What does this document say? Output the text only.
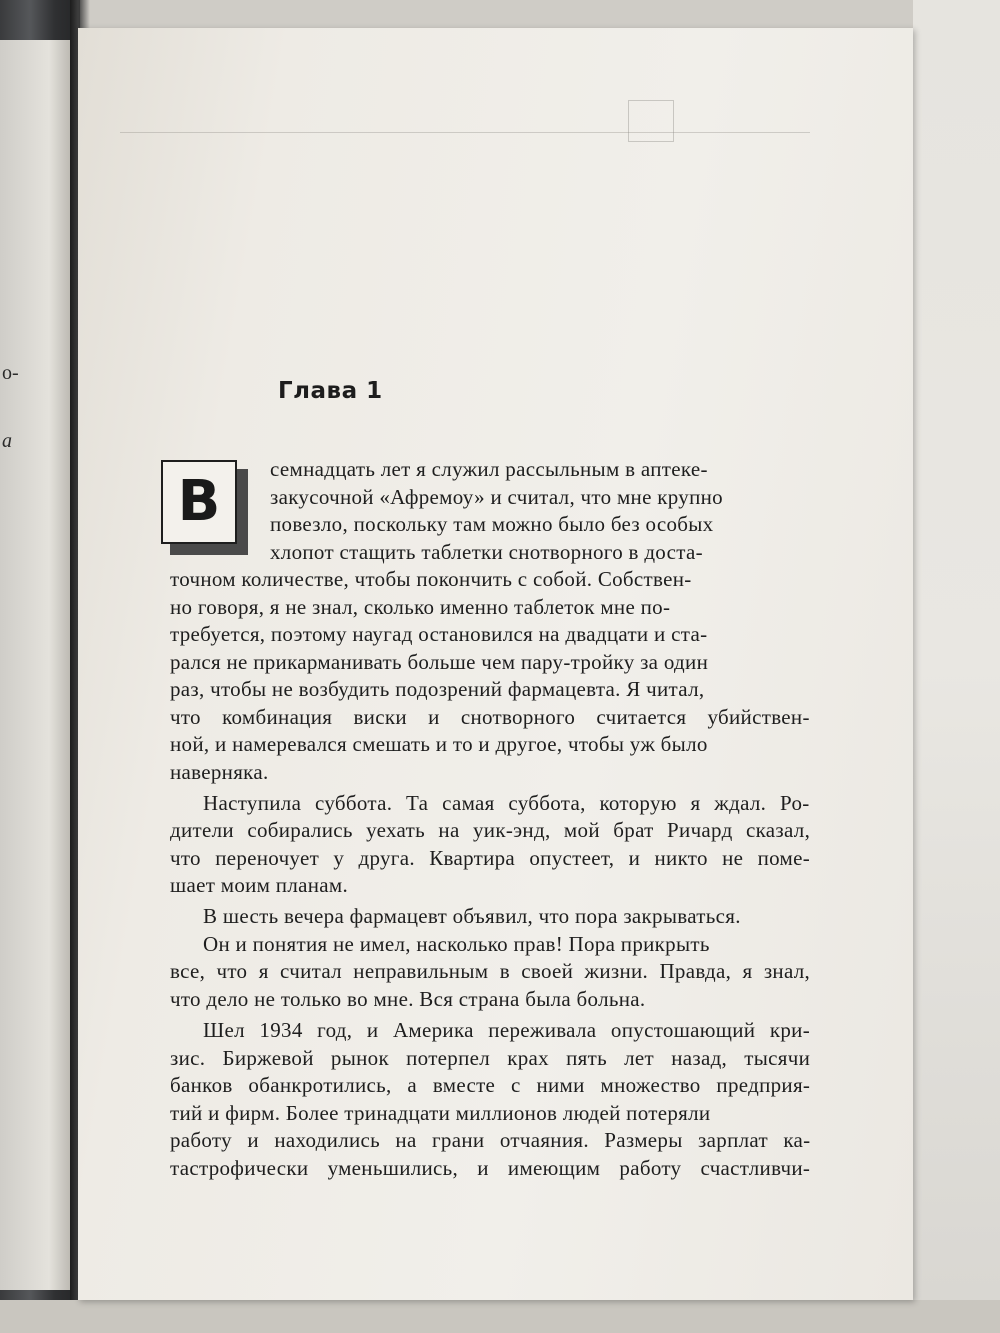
о-
а
Глава 1
В	семнадцать лет я служил рассыльным в аптеке-
закусочной «Афремоу» и считал, что мне крупно
повезло, поскольку там можно было без особых
хлопот стащить таблетки снотворного в доста-
точном количестве, чтобы покончить с собой. Собствен-
но говоря, я не знал, сколько именно таблеток мне по-
требуется, поэтому наугад остановился на двадцати и ста-
рался не прикарманивать больше чем пару-тройку за один
раз, чтобы не возбудить подозрений фармацевта. Я читал,
что комбинация виски и снотворного считается убийствен-
ной, и намеревался смешать и то и другое, чтобы уж было
наверняка.
Наступила суббота. Та самая суббота, которую я ждал. Ро-
дители собирались уехать на уик-энд, мой брат Ричард сказал,
что переночует у друга. Квартира опустеет, и никто не поме-
шает моим планам.
В шесть вечера фармацевт объявил, что пора закрываться.
Он и понятия не имел, насколько прав! Пора прикрыть
все, что я считал неправильным в своей жизни. Правда, я знал,
что дело не только во мне. Вся страна была больна.
Шел 1934 год, и Америка переживала опустошающий кри-
зис. Биржевой рынок потерпел крах пять лет назад, тысячи
банков обанкротились, а вместе с ними множество предприя-
тий и фирм. Более тринадцати миллионов людей потеряли
работу и находились на грани отчаяния. Размеры зарплат ка-
тастрофически уменьшились, и имеющим работу счастливчи-
